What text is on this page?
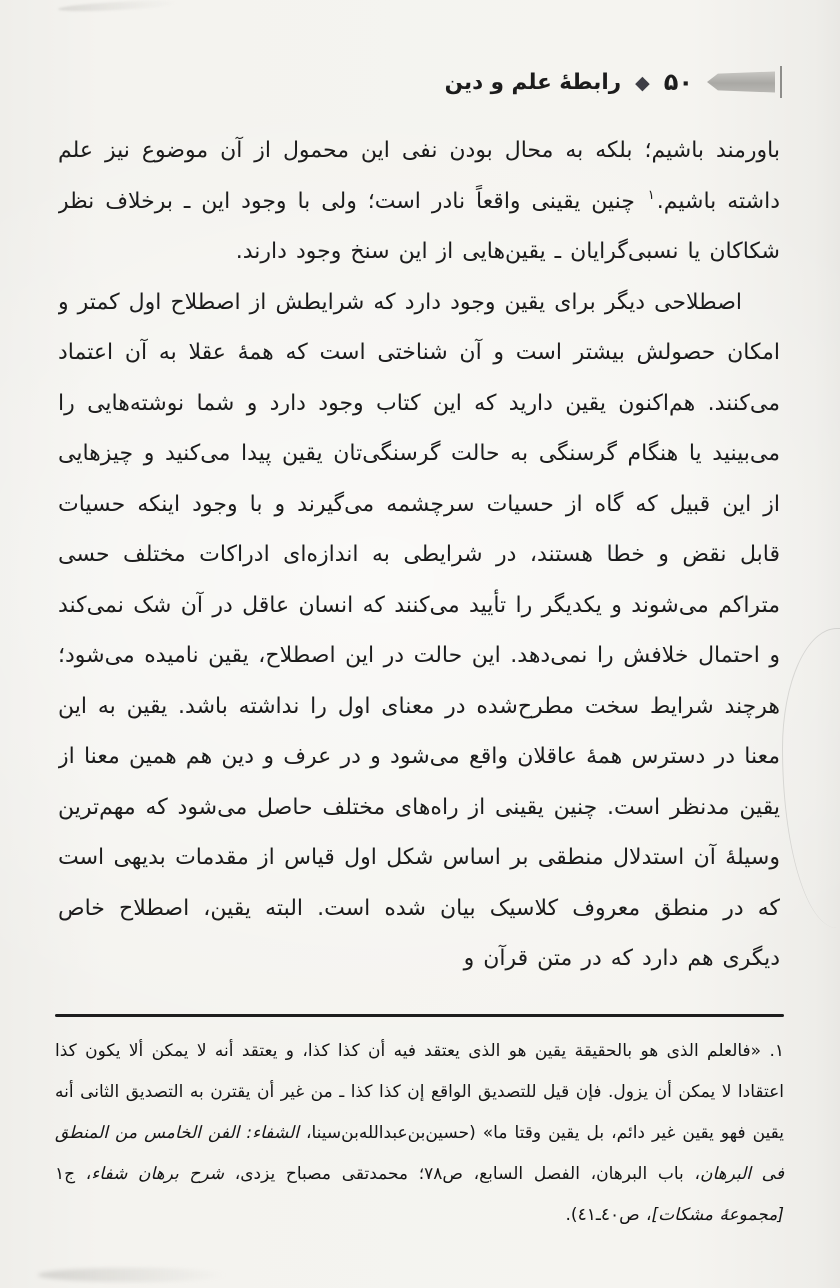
۵۰
◆
رابطهٔ علم و دین

باورمند باشیم؛ بلکه به محال بودن نفی این محمول از آن موضوع نیز علم داشته باشیم.$^۱$ چنین یقینی واقعاً نادر است؛ ولی با وجود این ـ برخلاف نظر شکاکان یا نسبی‌گرایان ـ یقین‌هایی از این سنخ وجود دارند.

اصطلاحی دیگر برای یقین وجود دارد که شرایطش از اصطلاح اول کمتر و امکان حصولش بیشتر است و آن شناختی است که همهٔ عقلا به آن اعتماد می‌کنند. هم‌اکنون یقین دارید که این کتاب وجود دارد و شما نوشته‌هایی را می‌بینید یا هنگام گرسنگی به حالت گرسنگی‌تان یقین پیدا می‌کنید و چیزهایی از این قبیل که گاه از حسیات سرچشمه می‌گیرند و با وجود اینکه حسیات قابل نقض و خطا هستند، در شرایطی به اندازه‌ای ادراکات مختلف حسی متراکم می‌شوند و یکدیگر را تأیید می‌کنند که انسان عاقل در آن شک نمی‌کند و احتمال خلافش را نمی‌دهد. این حالت در این اصطلاح، یقین نامیده می‌شود؛ هرچند شرایط سخت مطرح‌شده در معنای اول را نداشته باشد. یقین به این معنا در دسترس همهٔ عاقلان واقع می‌شود و در عرف و دین هم همین معنا از یقین مدنظر است. چنین یقینی از راه‌های مختلف حاصل می‌شود که مهم‌ترین وسیلهٔ آن استدلال منطقی بر اساس شکل اول قیاس از مقدمات بدیهی است که در منطق معروف کلاسیک بیان شده است. البته یقین، اصطلاح خاص دیگری هم دارد که در متن قرآن و

۱. «فالعلم الذی هو بالحقیقة یقین هو الذی یعتقد فیه أن کذا کذا، و یعتقد أنه لا یمکن ألا یکون کذا اعتقادا لا یمکن أن یزول. فإن قیل للتصدیق الواقع إن کذا کذا ـ من غیر أن یقترن به التصدیق الثانی أنه یقین فهو یقین غیر دائم، بل یقین وقتا ما» (حسین‌بن‌عبدالله‌بن‌سینا، الشفاء: الفن الخامس من المنطق فی البرهان، باب البرهان، الفصل السابع، ص٧٨؛ محمدتقی مصباح یزدی، شرح برهان شفاء، ج١ [مجموعهٔ مشکات]، ص٤٠ـ٤١).
